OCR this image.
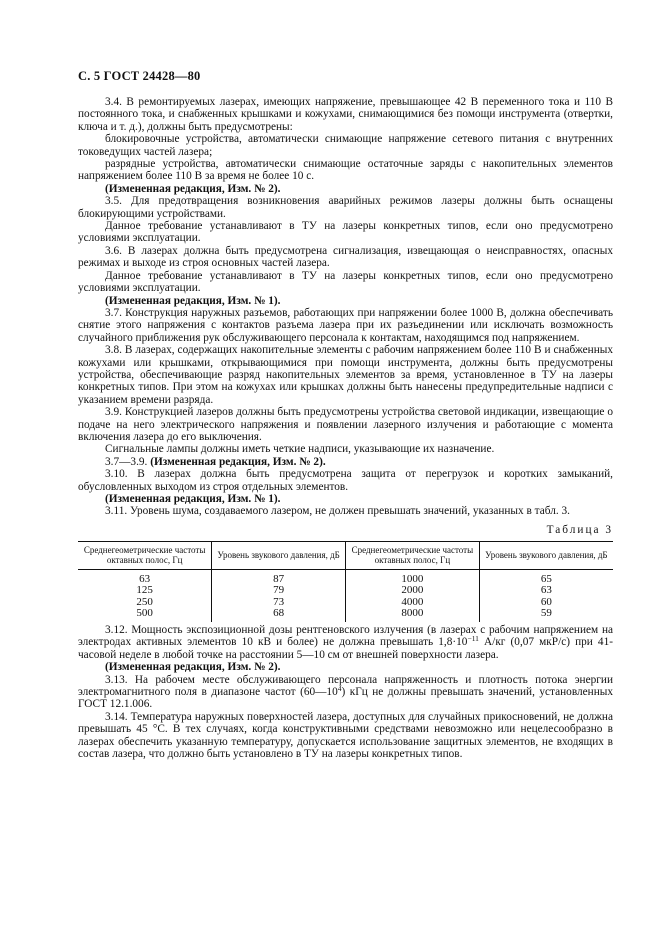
С. 5 ГОСТ 24428—80

3.4. В ремонтируемых лазерах, имеющих напряжение, превышающее 42 В переменного тока и 110 В постоянного тока, и снабженных крышками и кожухами, снимающимися без помощи инструмента (отвертки, ключа и т. д.), должны быть предусмотрены:

блокировочные устройства, автоматически снимающие напряжение сетевого питания с внутренних токоведущих частей лазера;

разрядные устройства, автоматически снимающие остаточные заряды с накопительных элементов напряжением более 110 В за время не более 10 с.

(Измененная редакция, Изм. № 2).

3.5. Для предотвращения возникновения аварийных режимов лазеры должны быть оснащены блокирующими устройствами.

Данное требование устанавливают в ТУ на лазеры конкретных типов, если оно предусмотрено условиями эксплуатации.

3.6. В лазерах должна быть предусмотрена сигнализация, извещающая о неисправностях, опасных режимах и выходе из строя основных частей лазера.

Данное требование устанавливают в ТУ на лазеры конкретных типов, если оно предусмотрено условиями эксплуатации.

(Измененная редакция, Изм. № 1).

3.7. Конструкция наружных разъемов, работающих при напряжении более 1000 В, должна обеспечивать снятие этого напряжения с контактов разъема лазера при их разъединении или исключать возможность случайного приближения рук обслуживающего персонала к контактам, находящимся под напряжением.

3.8. В лазерах, содержащих накопительные элементы с рабочим напряжением более 110 В и снабженных кожухами или крышками, открывающимися при помощи инструмента, должны быть предусмотрены устройства, обеспечивающие разряд накопительных элементов за время, установленное в ТУ на лазеры конкретных типов. При этом на кожухах или крышках должны быть нанесены предупредительные надписи с указанием времени разряда.

3.9. Конструкцией лазеров должны быть предусмотрены устройства световой индикации, извещающие о подаче на него электрического напряжения и появлении лазерного излучения и работающие с момента включения лазера до его выключения.

Сигнальные лампы должны иметь четкие надписи, указывающие их назначение.

3.7—3.9. (Измененная редакция, Изм. № 2).

3.10. В лазерах должна быть предусмотрена защита от перегрузок и коротких замыканий, обусловленных выходом из строя отдельных элементов.

(Измененная редакция, Изм. № 1).

3.11. Уровень шума, создаваемого лазером, не должен превышать значений, указанных в табл. 3.

Таблица 3
Среднегеометрические частоты октавных полос, Гц	Уровень звукового давления, дБ	Среднегеометрические частоты октавных полос, Гц	Уровень звукового давления, дБ
63	87	1000	65
125	79	2000	63
250	73	4000	60
500	68	8000	59

3.12. Мощность экспозиционной дозы рентгеновского излучения (в лазерах с рабочим напряжением на электродах активных элементов 10 кВ и более) не должна превышать $1,8\cdot 10^{-11}$ А/кг (0,07 мкР/с) при 41-часовой неделе в любой точке на расстоянии 5—10 см от внешней поверхности лазера.

(Измененная редакция, Изм. № 2).

3.13. На рабочем месте обслуживающего персонала напряженность и плотность потока энергии электромагнитного поля в диапазоне частот $(60—10^4)$ кГц не должны превышать значений, установленных ГОСТ 12.1.006.

3.14. Температура наружных поверхностей лазера, доступных для случайных прикосновений, не должна превышать 45 °С. В тех случаях, когда конструктивными средствами невозможно или нецелесообразно в лазерах обеспечить указанную температуру, допускается использование защитных элементов, не входящих в состав лазера, что должно быть установлено в ТУ на лазеры конкретных типов.
